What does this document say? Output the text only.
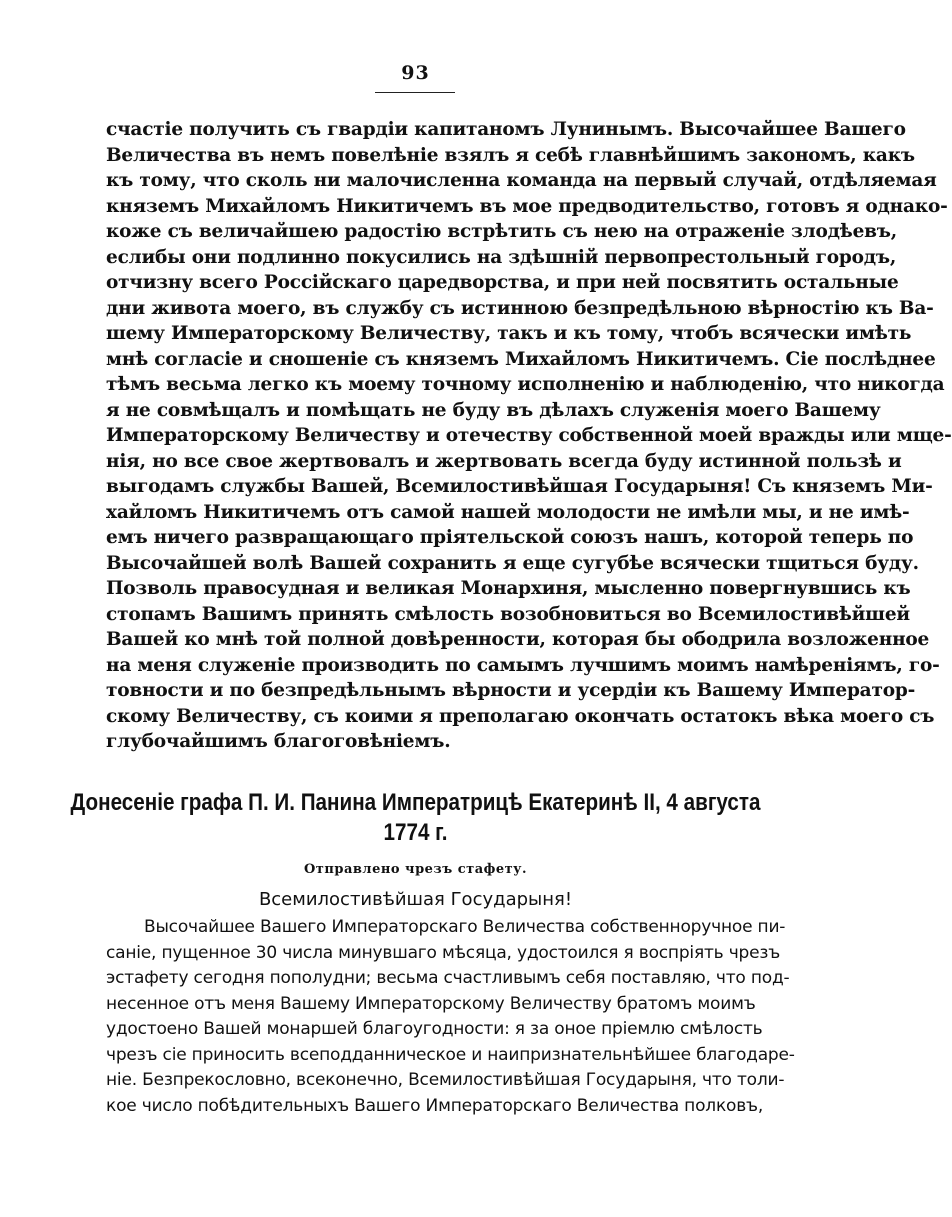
93
счастіе получить съ гвардіи капитаномъ Лунинымъ. Высочайшее Вашего
Величества въ немъ повелѣніе взялъ я себѣ главнѣйшимъ закономъ, какъ
къ тому, что сколь ни малочисленна команда на первый случай, отдѣляемая
княземъ Михайломъ Никитичемъ въ мое предводительство, готовъ я однако-
кожe съ величайшею радостію встрѣтить съ нею на отраженіе злодѣевъ,
еслибы они подлинно покусились на здѣшній первопрестольный городъ,
отчизну всего Россійскаго царедворства, и при ней посвятить остальные
дни живота моего, въ службу съ истинною безпредѣльною вѣрностію къ Ва-
шему Императорскому Величеству, такъ и къ тому, чтобъ всячески имѣть
мнѣ согласіе и сношеніе съ княземъ Михайломъ Никитичемъ. Сіе послѣднее
тѣмъ весьма легко къ моему точному исполненію и наблюденію, что никогда
я не совмѣщалъ и помѣщать не буду въ дѣлахъ служенія моего Вашему
Императорскому Величеству и отечеству собственной моей вражды или мще-
нія, но все свое жертвовалъ и жертвовать всегда буду истинной пользѣ и
выгодамъ службы Вашей, Всемилостивѣйшая Государыня! Съ княземъ Ми-
хайломъ Никитичемъ отъ самой нашей молодости не имѣли мы, и не имѣ-
емъ ничего развращающаго пріятельской союзъ нашъ, которой теперь по
Высочайшей волѣ Вашей сохранить я еще сугубѣе всячески тщиться буду.
Позволь правосудная и великая Монархиня, мысленно повергнувшись къ
стопамъ Вашимъ принять смѣлость возобновиться во Всемилостивѣйшей
Вашей ко мнѣ той полной довѣренности, которая бы ободрила возложенное
на меня служеніе производить по самымъ лучшимъ моимъ намѣреніямъ, го-
товности и по безпредѣльнымъ вѣрности и усердіи къ Вашему Император-
скому Величеству, съ коими я преполагаю окончать остатокъ вѣка моего съ
глубочайшимъ благоговѣніемъ.
Донесеніе графа П. И. Панина Императрицѣ Екатеринѣ II, 4 августа
1774 г.
Отправлено чрезъ стафету.
Всемилостивѣйшая Государыня!
Высочайшее Вашего Императорскаго Величества собственноручное пи-
саніе, пущенное 30 числа минувшаго мѣсяца, удостоился я воспріять чрезъ
эстафету сегодня пополудни; весьма счастливымъ себя поставляю, что под-
несенное отъ меня Вашему Императорскому Величеству братомъ моимъ
удостоено Вашей монаршей благоугодности: я за оное пріемлю смѣлость
чрезъ сіе приносить всеподданническое и наипризнательнѣйшее благодаре-
ніе. Безпрекословно, всеконечно, Всемилостивѣйшая Государыня, что толи-
кое число побѣдительныхъ Вашего Императорскаго Величества полковъ,
